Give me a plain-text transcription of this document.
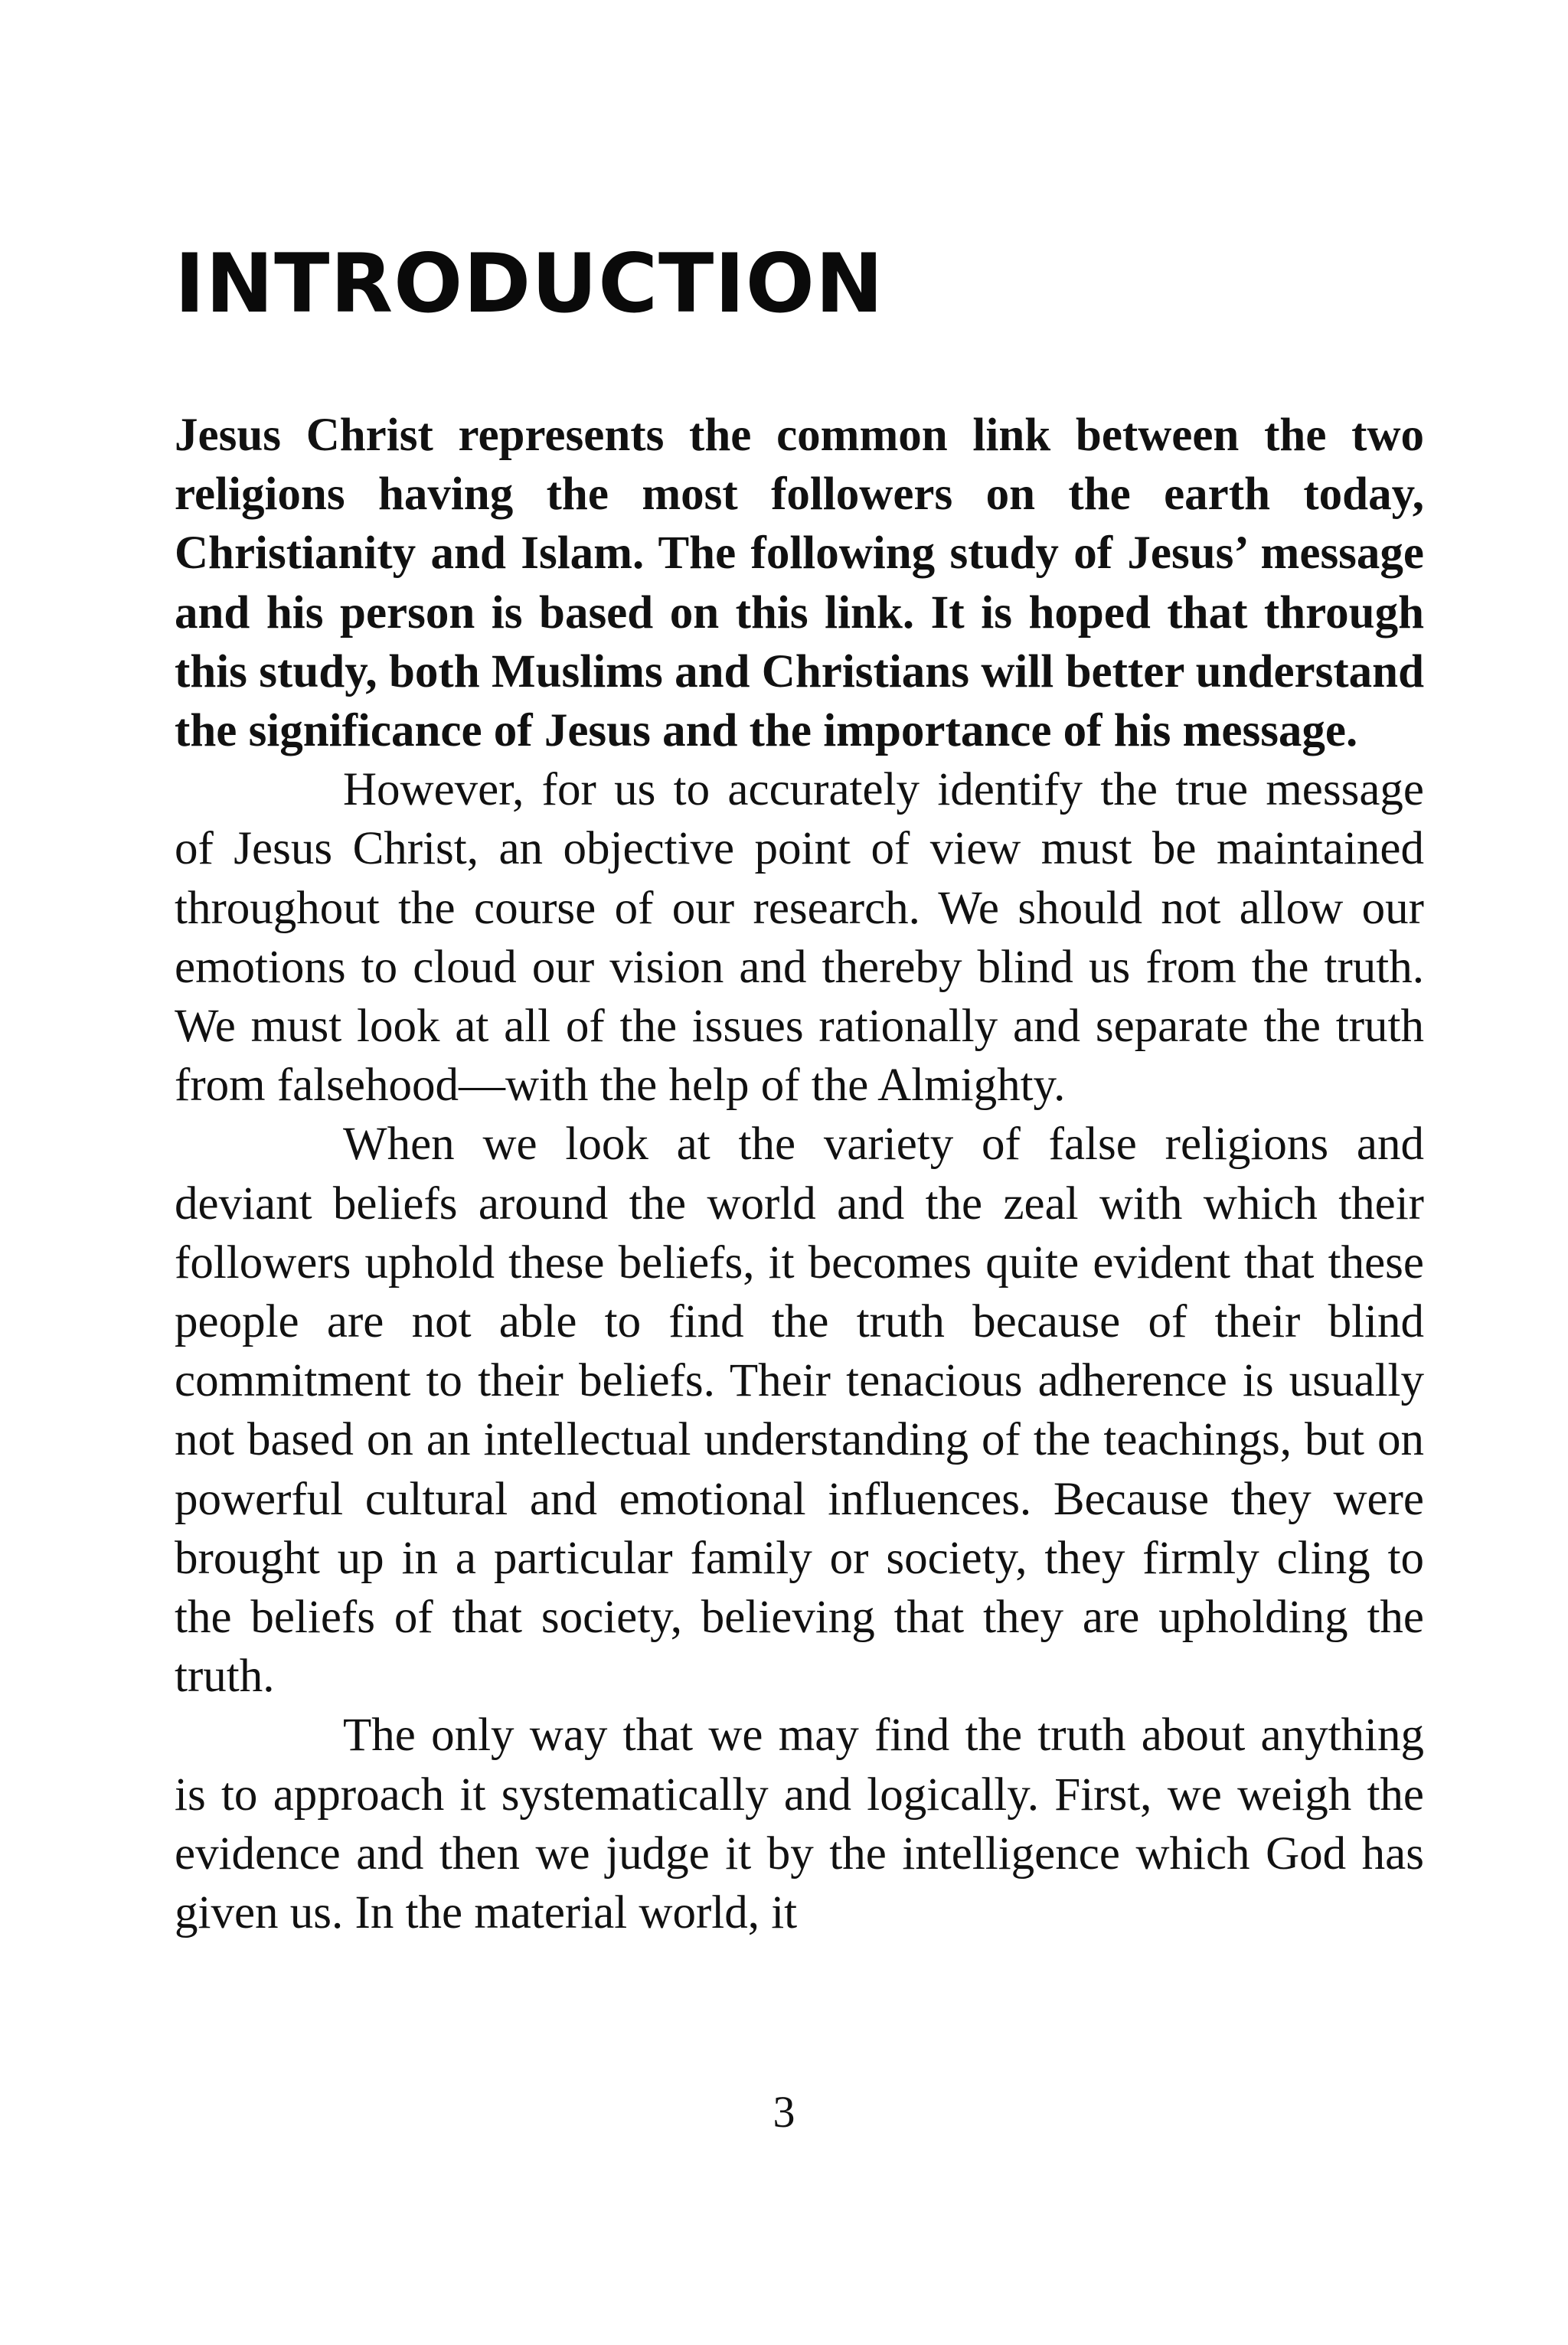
INTRODUCTION

Jesus Christ represents the common link between the two religions having the most followers on the earth today, Christianity and Islam. The following study of Jesus’ message and his person is based on this link. It is hoped that through this study, both Muslims and Christians will better understand the significance of Jesus and the importance of his message.

However, for us to accurately identify the true message of Jesus Christ, an objective point of view must be maintained throughout the course of our research. We should not allow our emotions to cloud our vision and thereby blind us from the truth. We must look at all of the issues rationally and separate the truth from falsehood—with the help of the Almighty.

When we look at the variety of false religions and deviant beliefs around the world and the zeal with which their followers uphold these beliefs, it becomes quite evident that these people are not able to find the truth because of their blind commitment to their beliefs. Their tenacious adherence is usually not based on an intellectual understanding of the teachings, but on powerful cultural and emotional influences. Because they were brought up in a particular family or society, they firmly cling to the beliefs of that society, believing that they are upholding the truth.

The only way that we may find the truth about anything is to approach it systematically and logically. First, we weigh the evidence and then we judge it by the intelligence which God has given us. In the material world, it

3
